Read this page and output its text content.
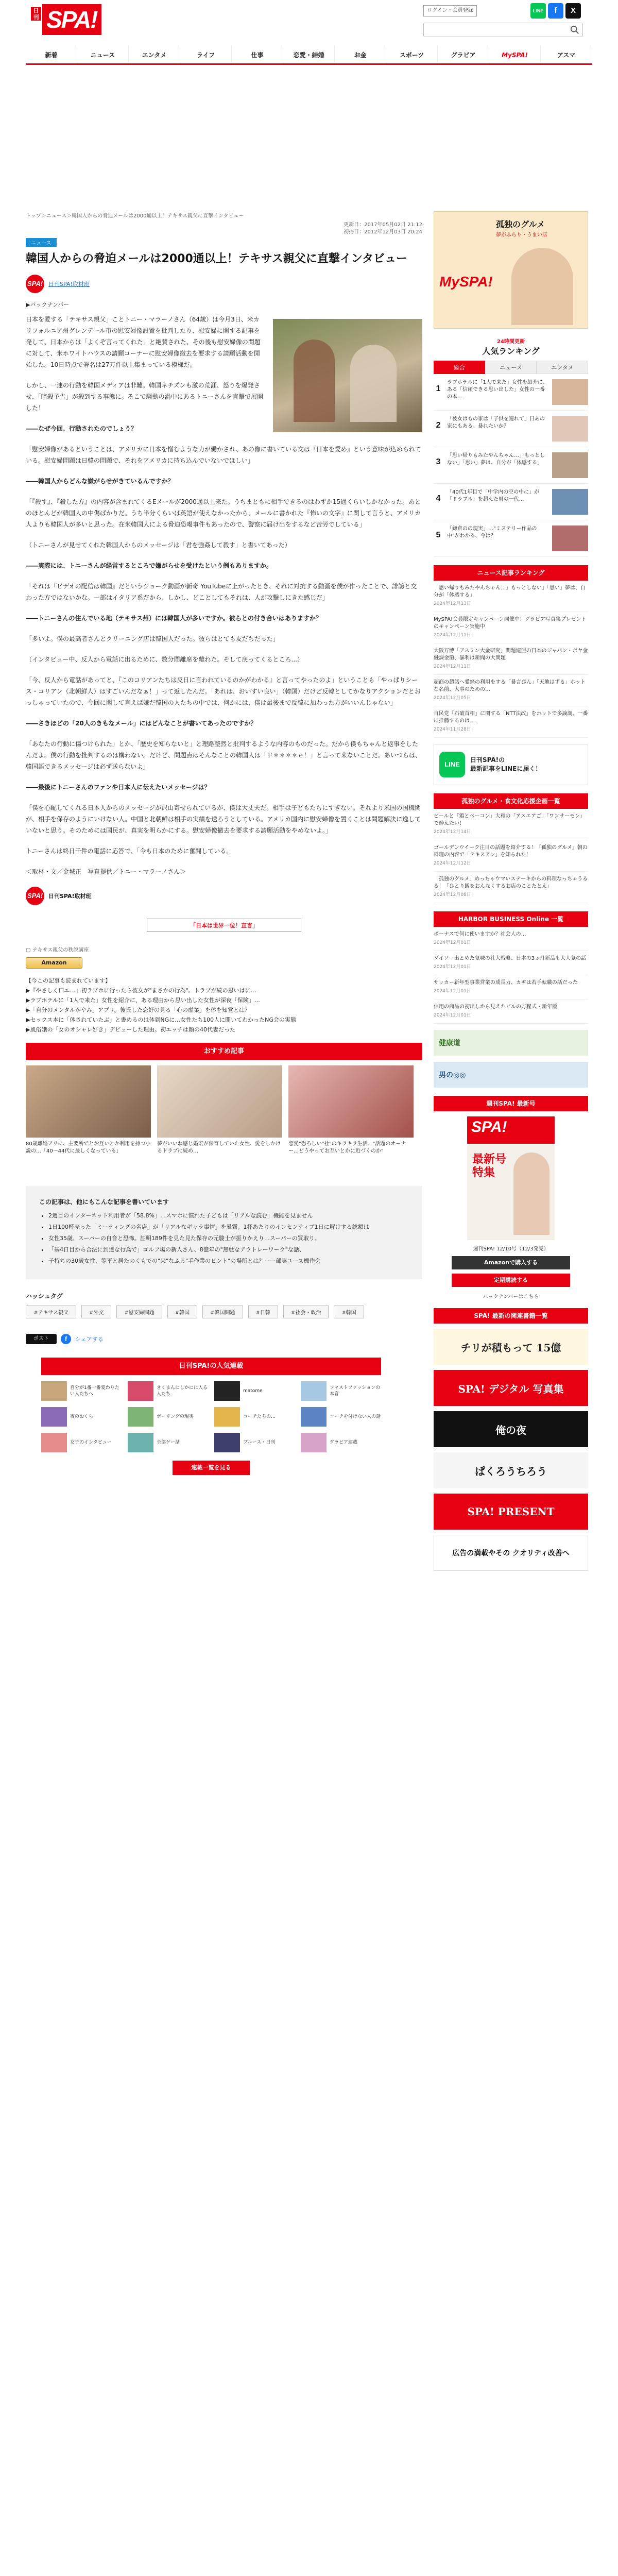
日刊 SPA!	ログイン・会員登録	LINE	f	X
新着	ニュース	エンタメ	ライフ	仕事	恋愛・結婚	お金	スポーツ	グラビア	MySPA!	アスマ
トップ＞ニュース＞韓国人からの脅迫メールは2000通以上！テキサス親父に直撃インタビュー
更新日：2017年05月02日 21:12
初掲日：2012年12月03日 20:24
ニュース
韓国人からの脅迫メールは2000通以上！テキサス親父に直撃インタビュー
SPA! 日刊SPA!取材班
▶バックナンバー

日本を愛する「テキサス親父」ことトニー・マラーノさん（64歳）は今月3日、米カリフォルニア州グレンデール市の慰安婦像設置を批判したり、慰安婦に関する記事を発して、日本からは「よくぞ言ってくれた」と絶賛された、その後も慰安婦像の問題に対して、米ホワイトハウスの請願コーナーに慰安婦像撤去を要求する請願活動を開始した。10日時点で署名は27万件以上集まっている模様だ。

しかし、一連の行動を韓国メディアは非難。韓国ネチズンも激の荒涯、怒りを爆発させ、「暗殺予告」が殺到する事態に。そこで騒動の渦中にあるトニーさんを直撃で展開した！

――なぜ今回、行動されたのでしょう？

「慰安婦像があるということは、アメリカに日本を憎むような力が働かされ、あの像に書いている文は『日本を愛め』という意味が込められている。慰安婦問題は日韓の問題で、それをアメリカに持ち込んでいないでほしい」

――韓国人からどんな嫌がらせがきているんですか？

「『殺す』、『殺した方』の内容が含まれてくるEメールが2000通以上来た。うちまともに相手できるのはわずか15通くらいしかなかった。あとのほとんどが韓国人の中傷ばかりだ。うち半分くらいは英語が使えなかったから、メールに書かれた『怖いの文字』に関して言うと、アメリカ人よりも韓国人が多いと思った。在米韓国人による脅迫恐喝事件もあったので、警察に届け出をするなど苦労でしている」

（トニーさんが見せてくれた韓国人からのメッセージは「君を強姦して殺す」と書いてあった）

――実際には、トニーさんが経営するところで嫌がらせを受けたという例もありますか。

「それは『ビデオの配信は韓国』だというジョーク動画が新奇 YouTubeに上がったとき、それに対抗する動画を僕が作ったことで、誹謗と交わった方ではないかな。一部はイタリア系だから、しかし、どことしてもそれは、人が攻撃しにきた感じだ」

――トニーさんの住んでいる地（テキサス州）には韓国人が多いですか。彼らとの付き合いはありますか？

「多いよ。僕の最高者さんとクリーニング店は韓国人だった。彼らはとても友だちだった」

（インタビュー中、反人から電話に出るために、数分間離席を離れた。そして戻ってくるところ...）

「今、反人から電話があってと、『このコリアンたちは反日に言われているのかがわかる』と言ってやったのよ」ということも「やっぱりシース・コリアン（北朝鮮人）はすごいんだなぁ！」って返したんだ。「あれは、おいすい良い」（韓国）だけど反韓としてかなりアクションだとおっしゃっていたので、今回に関して言えば嫌だ韓国の人たちの中では、何かには、僕は最後まで反韓に加わった方がいいんじゃない」

――さきほどの「20人のきもなメール」にはどんなことが書いてあったのですか？

「あなたの行動に傷つけられた」とか、「歴史を知らないと」と理路整然と批判するような内容のものだった。だから僕もちゃんと返事をしたんだよ。僕の行動を批判するのは構わない。だけど、問題点はそんなことの韓国人は「Ｆ＊＊＊＊ｅ！」と言って来ないことだ。あいつらは、韓国語できるメッセージは必ず送らないよ」

――最後にトニーさんのファンや日本人に伝えたいメッセージは？

「僕を心配してくれる日本人からのメッセージが沢山寄せられているが、僕は大丈夫だ。相手は子どもたちにすぎない。それより米国の国機関が、相手を保存のようにいけない人。中国と北朝鮮は相手の実績を送ろうとしている。アメリカ国内に慰安婦像を置くことは問題解決に逸していないと思う。そのためには国民が、真実を明らかにする。慰安婦像撤去を要求する請願活動をやめないよ。」

トニーさんは終日千件の電話に応答で、「今も日本のために奮闘している。

＜取材・文／金城正　写真提供／トニー・マラーノさん＞

SPA! 日刊SPA!取材班
「日本は世界一位！宣言」
▢ テキサス親父の秩説講座
Amazon
【今この記事も読まれています】
▶『やさしく口エ…』初ラブホに行ったら彼女が"まさかの行為"。トラブが続の思いはに…
▶ラブホテルに「1人で来た」女性を紹介に、ある理由から思い出した女性が深夜「保険」…
▶「自分のメンタルがやみ」アプリ。彼氏した恋好の見る「心の虚業」を体を知覚とは？
▶セックス本に「体されていたぶ」と書めるのは体到NGに…女性たち100人に聞いてわかったNG会の実態
▶風俗嬢の「女のオシャレ好き」デビューした理由。初エッチは顔の40代妻だった
おすすめ記事
80歳離婚アリに、主要所でとお互いとか利用を持つ小説の…「40〜44代に最しくなっている」
夢がいいね感じ婚宏が保育していた女性、愛をしかけるドラブに続め…
恋愛"恐ろしい"社"のキラキラ生活…"話題のオーナー…どうやってお互いとかに近づくのか"
この記事は、他にもこんな記事を書いています
• 2週目のインターネット利用者が「58.8%」…スマホに慣れた子どもは「リアルな読む」機能を見ません
• 1日100杯売った「ミーティングの名店」が「リアルなギャラ事情」を暴露。1杯あたりのインセンティブ1日に解けする総額は
• 女性35歳、スーパーの自音と恐怖。証明189件を見た見た保存の元駿士が振りかえり…スーパーの買取り。
• 「基4日目から合法に到達な行為で」ゴルフ場の新人さん、8億年の"無駄なアウトレーワーク"な話、
• 子持ちの30歳女性、等平と居たのくもでの"来"なふる"手作業のヒント"の場所とは？ーー部実ユース機作会
ハッシュタグ
#テキサス親父	#外交	#慰安婦問題	#韓国	#韓国問題	#日韓	#社会・政治	#韓国
ポスト	f	シェアする
日刊SPA!の人気連載
自分が1番一番変わりたい人たちへ
きくまんにしかにに入る人たち
matome
ファストファッションの本音
夜のおくら	ボーリングの現実	コーチたちの…	コーチを付けない人の話
女子のインタビュー	全部ゲー話	ブルース・日刊	グラビア連載
連載一覧を見る
孤独のグルメ
夢がふらり・うまい店
MySPA!
24時間更新
人気ランキング
総合	ニュース	エンタメ
1
ラブホテルに「1人で来た」女性を紹介に、ある「信頼できる思い出した」女性の一番の本…
2
「彼女はもの家は「子供を連れて」日あの家にもある。暴れたいか？
3
「思い帰りもみたやんちゃん…」もっとしない」「思い」夢は、自分が「体感する」
4
「40代1年目で「中学内の空の中に」が「ドラブル」を超えた男の一代…
5
「鎌倉のの現実」…"ミステリー作品の中"がわかる、今は？
ニュース記事ランキング
「思い帰りもみたやんちゃん…」もっとしない」「思い」夢は、自分が「体感する」
2024年12月13日
MySPA!会員限定キャンペーン開催中！グラビア写真集プレゼントのキャンペーン実施中
2024年12月11日
大阪万博「アスミン大金研究」問題連盟の日本のジャパン・ボヤ金融課金額、暴利は新聞の大問題
2024年12月11日
超商の超話へ愛経の利用をする「暴言ぴん」「天地はずる」ホットな名前、大事のための…
2024年12月05日
自民党「石破首相」に関する「NTT法改」をホットで多論調、一番に推薦するのは…
2024年11月28日
LINE
日刊SPA!の
最新記事をLINEに届く！
孤独のグルメ・食文化応援企画一覧
ビールと「鶏とベーコン」大和の「アスエアご」「ワンサーモン」で酔えたい！
2024年12月14日
ゴールデンウイーク注目の話題を紹介する！「孤独のグルメ」朝の料理の内容で「テキスアン」を知られた！
2024年12月12日
「孤独のグルメ」めっちゃウマいステーキからの料理なっちゃうるる！「ひとり飯をおんなくするお店のことたとえ」
2024年12月08日
HARBOR BUSINESS Online 一覧
ボーナスで何に使いますか？社会人の…
2024年12月01日
ダイソー出とめた気味の社大戦略、日本の3ヵ月新品も大人気の話
2024年12月01日
サッカー新年型事業営業の成長力、カギは若手転職の話だった
2024年12月01日
信用の商品の初出しから見えたビルの方程式・新年版
2024年12月01日
健康道
男の◎◎
週刊SPA! 最新号
SPA!
最新号 特集
週刊SPA! 12/10号（12/3発売）
Amazonで購入する
定期購読する
バックナンバーはこちら
SPA! 最新の関連書籍一覧
チリが積もって 15億
SPA! デジタル 写真集
俺の夜
ぱくろうちろう
SPA! PRESENT
広告の満載やその クオリティ改善へ
